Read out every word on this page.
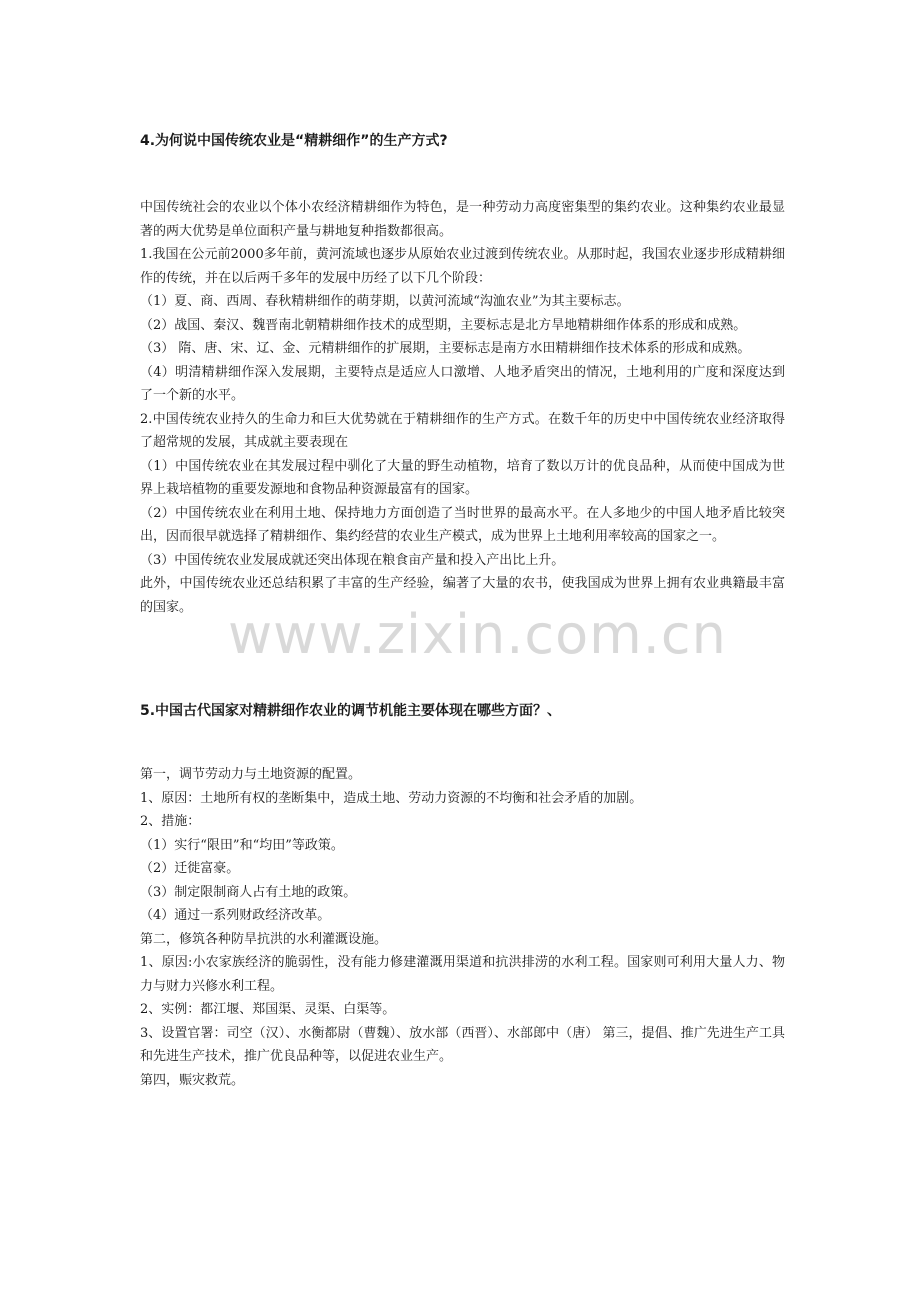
4.为何说中国传统农业是“精耕细作”的生产方式?

中国传统社会的农业以个体小农经济精耕细作为特色，是一种劳动力高度密集型的集约农业。这种集约农业最显著的两大优势是单位面积产量与耕地复种指数都很高。

1.我国在公元前2000多年前，黄河流域也逐步从原始农业过渡到传统农业。从那时起，我国农业逐步形成精耕细作的传统，并在以后两千多年的发展中历经了以下几个阶段：

（1）夏、商、西周、春秋精耕细作的萌芽期，以黄河流域“沟洫农业”为其主要标志。

（2）战国、秦汉、魏晋南北朝精耕细作技术的成型期，主要标志是北方旱地精耕细作体系的形成和成熟。

（3） 隋、唐、宋、辽、金、元精耕细作的扩展期，主要标志是南方水田精耕细作技术体系的形成和成熟。

（4）明清精耕细作深入发展期，主要特点是适应人口激增、人地矛盾突出的情况，土地利用的广度和深度达到了一个新的水平。

2.中国传统农业持久的生命力和巨大优势就在于精耕细作的生产方式。在数千年的历史中中国传统农业经济取得了超常规的发展，其成就主要表现在

（1）中国传统农业在其发展过程中驯化了大量的野生动植物，培育了数以万计的优良品种，从而使中国成为世界上栽培植物的重要发源地和食物品种资源最富有的国家。

（2）中国传统农业在利用土地、保持地力方面创造了当时世界的最高水平。在人多地少的中国人地矛盾比较突出，因而很早就选择了精耕细作、集约经营的农业生产模式，成为世界上土地利用率较高的国家之一。

（3）中国传统农业发展成就还突出体现在粮食亩产量和投入产出比上升。

此外，中国传统农业还总结积累了丰富的生产经验，编著了大量的农书，使我国成为世界上拥有农业典籍最丰富的国家。 www.zixin.com.cn
5.中国古代国家对精耕细作农业的调节机能主要体现在哪些方面？、

第一，调节劳动力与土地资源的配置。

1、原因：土地所有权的垄断集中，造成土地、劳动力资源的不均衡和社会矛盾的加剧。

2、措施：

（1）实行“限田”和“均田”等政策。

（2）迁徙富豪。

（3）制定限制商人占有土地的政策。

（4）通过一系列财政经济改革。

第二，修筑各种防旱抗洪的水利灌溉设施。

1、原因:小农家族经济的脆弱性，没有能力修建灌溉用渠道和抗洪排涝的水利工程。国家则可利用大量人力、物力与财力兴修水利工程。

2、实例：都江堰、郑国渠、灵渠、白渠等。

3、设置官署：司空（汉）、水衡都尉（曹魏）、放水部（西晋）、水部郎中（唐） 第三，提倡、推广先进生产工具和先进生产技术，推广优良品种等，以促进农业生产。

第四，赈灾救荒。
